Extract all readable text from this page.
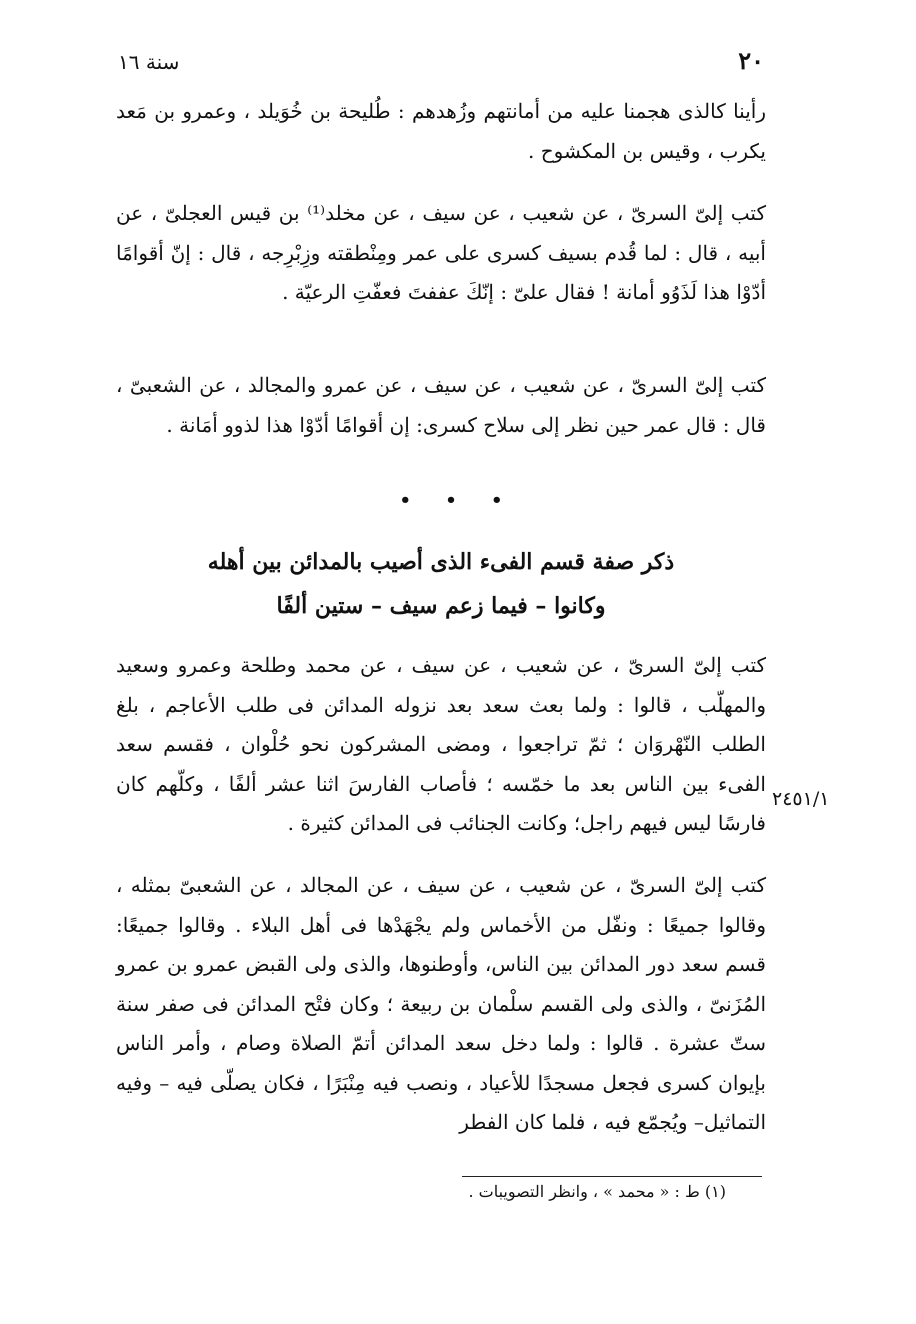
٢٠
سنة ١٦

رأينا كالذى هجمنا عليه من أمانتهم وزُهدهم : طُليحة بن خُوَيلد ، وعمرو بن مَعد يكرب ، وقيس بن المكشوح .

كتب إلىّ السرىّ ، عن شعيب ، عن سيف ، عن مخلد⁽¹⁾ بن قيس العجلىّ ، عن أبيه ، قال : لما قُدم بسيف كسرى على عمر ومِنْطقته وزِبْرِجه ، قال : إنّ أقوامًا أدّوْا هذا لَذَوُو أمانة ! فقال علىّ : إنّكَ عففتَ فعفّتِ الرعيّة .

كتب إلىّ السرىّ ، عن شعيب ، عن سيف ، عن عمرو والمجالد ، عن الشعبىّ ، قال : قال عمر حين نظر إلى سلاح كسرى: إن أقوامًا أدّوْا هذا لذوو أمَانة .

• • •
ذكر صفة قسم الفىء الذى أصيب بالمدائن بين أهله
وكانوا – فيما زعم سيف – ستين ألفًا

كتب إلىّ السرىّ ، عن شعيب ، عن سيف ، عن محمد وطلحة وعمرو وسعيد والمهلّب ، قالوا : ولما بعث سعد بعد نزوله المدائن فى طلب الأعاجم ، بلغ الطلب النّهْروَان ؛ ثمّ تراجعوا ، ومضى المشركون نحو حُلْوان ، فقسم سعد الفىء بين الناس بعد ما خمّسه ؛ فأصاب الفارسَ اثنا عشر ألفًا ، وكلّهم كان فارسًا ليس فيهم راجل؛ وكانت الجنائب فى المدائن كثيرة .

٢٤٥١/١

كتب إلىّ السرىّ ، عن شعيب ، عن سيف ، عن المجالد ، عن الشعبىّ بمثله ، وقالوا جميعًا : ونفّل من الأخماس ولم يجْهَدْها فى أهل البلاء . وقالوا جميعًا: قسم سعد دور المدائن بين الناس، وأوطنوها، والذى ولى القبض عمرو بن عمرو المُزَنىّ ، والذى ولى القسم سلْمان بن ربيعة ؛ وكان فتْح المدائن فى صفر سنة ستّ عشرة . قالوا : ولما دخل سعد المدائن أتمّ الصلاة وصام ، وأمر الناس بإيوان كسرى فجعل مسجدًا للأعياد ، ونصب فيه مِنْبَرًا ، فكان يصلّى فيه – وفيه التماثيل– ويُجمّع فيه ، فلما كان الفطر

(١) ط : « محمد » ، وانظر التصويبات .
